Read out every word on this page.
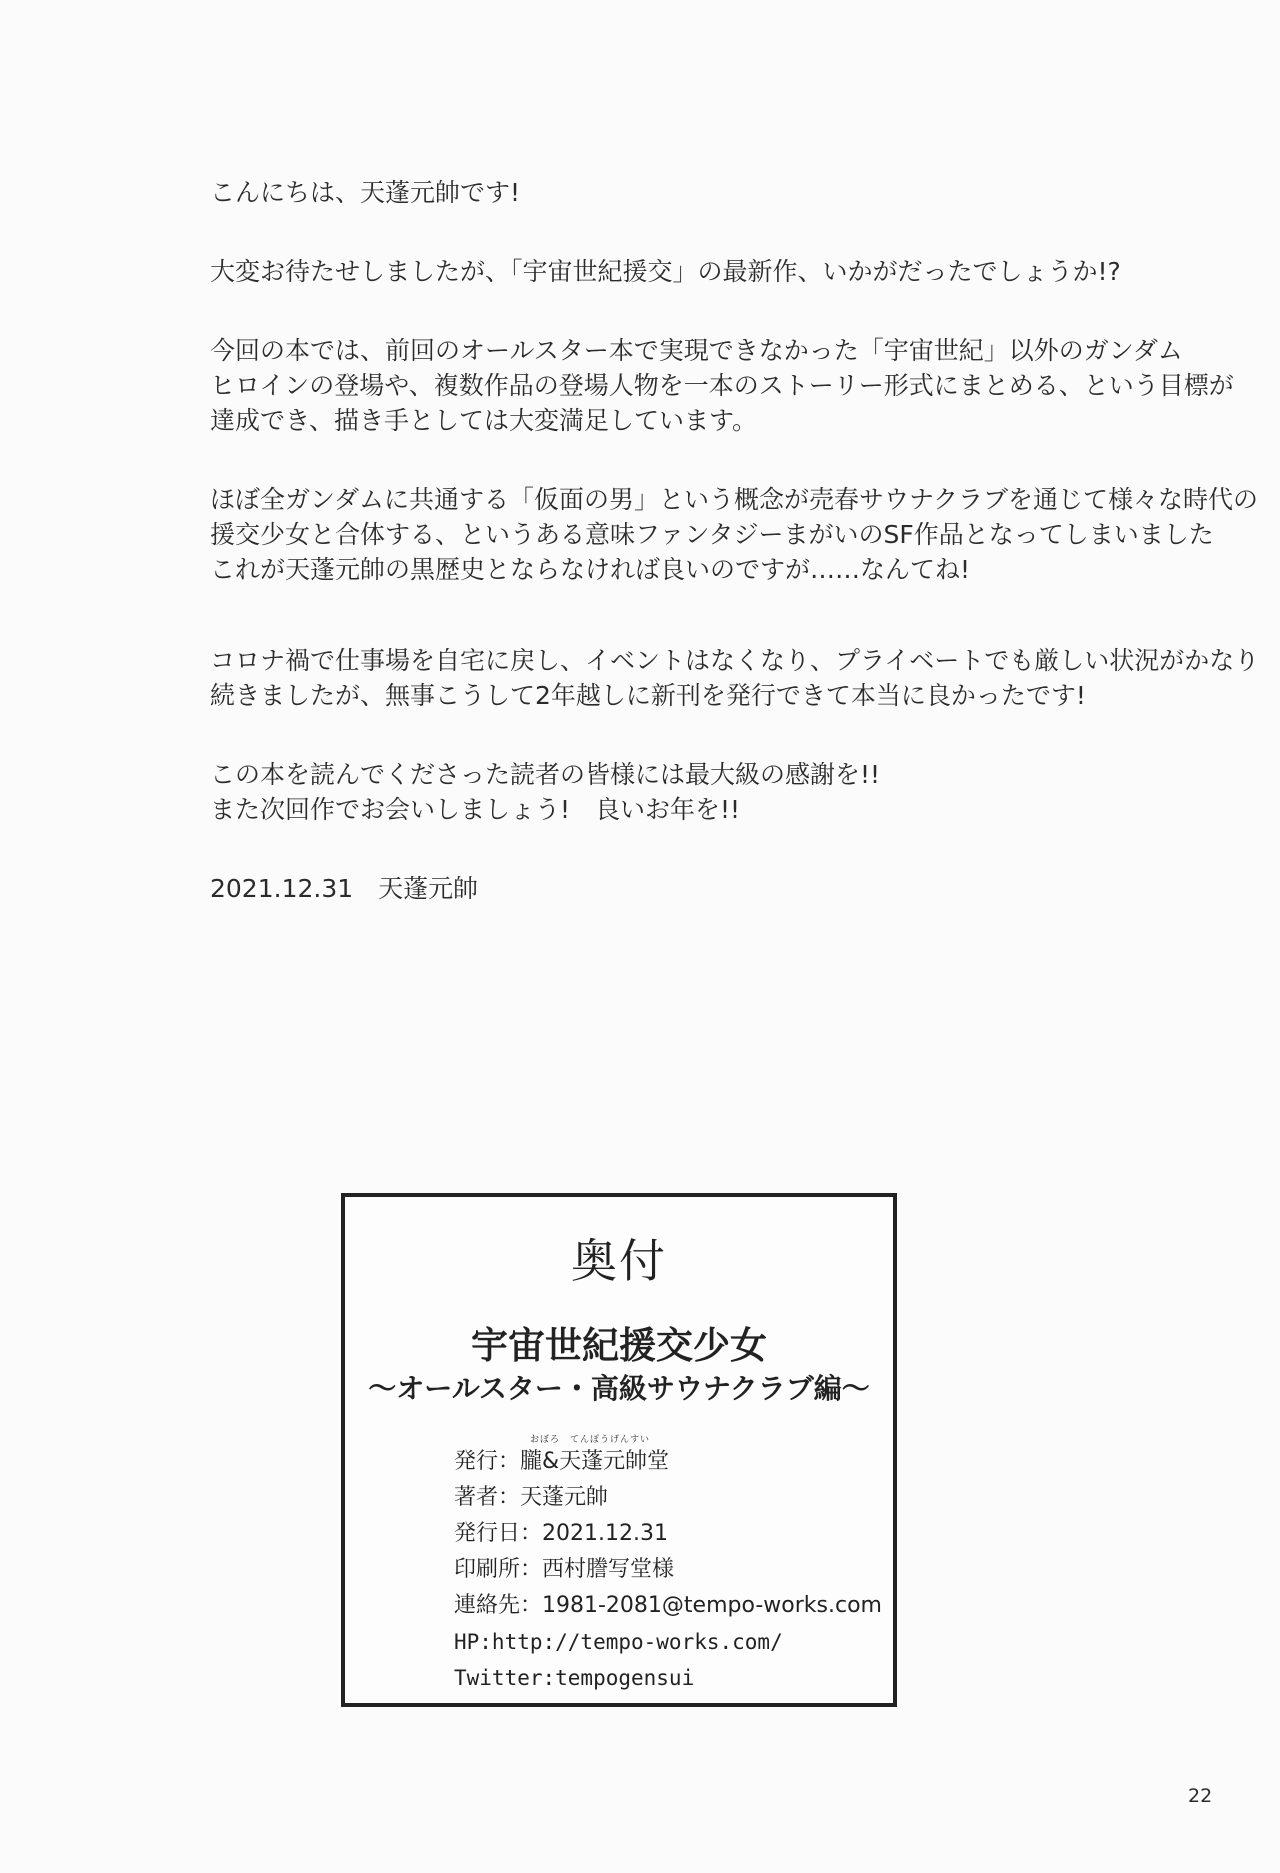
こんにちは、天蓬元帥です!

大変お待たせしましたが、「宇宙世紀援交」の最新作、いかがだったでしょうか!?

今回の本では、前回のオールスター本で実現できなかった「宇宙世紀」以外のガンダム

ヒロインの登場や、複数作品の登場人物を一本のストーリー形式にまとめる、という目標が

達成でき、描き手としては大変満足しています。

ほぼ全ガンダムに共通する「仮面の男」という概念が売春サウナクラブを通じて様々な時代の

援交少女と合体する、というある意味ファンタジーまがいのSF作品となってしまいました

これが天蓬元帥の黒歴史とならなければ良いのですが……なんてね!

コロナ禍で仕事場を自宅に戻し、イベントはなくなり、プライベートでも厳しい状況がかなり

続きましたが、無事こうして2年越しに新刊を発行できて本当に良かったです!

この本を読んでくださった読者の皆様には最大級の感謝を!!

また次回作でお会いしましょう!　良いお年を!!

2021.12.31　天蓬元帥

奥付
宇宙世紀援交少女
～オールスター・高級サウナクラブ編～
おぼろ　てんぽうげんすい
発行：朧&天蓬元帥堂
著者：天蓬元帥
発行日：2021.12.31
印刷所：西村謄写堂様
連絡先：1981-2081@tempo-works.com
HP:http://tempo-works.com/
Twitter:tempogensui
22
